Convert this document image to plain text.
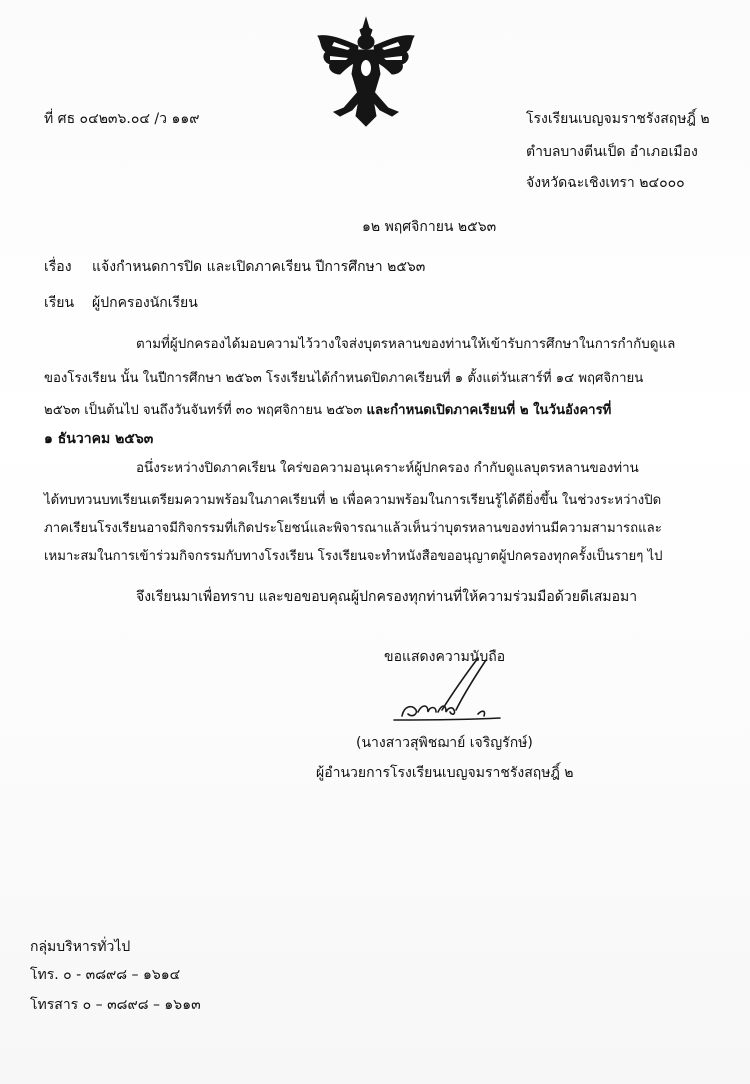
ที่ ศธ ๐๔๒๓๖.๐๔ /ว ๑๑๙	โรงเรียนเบญจมราชรังสฤษฎิ์ ๒
ตำบลบางตีนเป็ด อำเภอเมือง
จังหวัดฉะเชิงเทรา ๒๔๐๐๐
๑๒ พฤศจิกายน ๒๕๖๓
เรื่อง แจ้งกำหนดการปิด และเปิดภาคเรียน ปีการศึกษา ๒๕๖๓
เรียน ผู้ปกครองนักเรียน
ตามที่ผู้ปกครองได้มอบความไว้วางใจส่งบุตรหลานของท่านให้เข้ารับการศึกษาในการกำกับดูแล
ของโรงเรียน นั้น ในปีการศึกษา ๒๕๖๓ โรงเรียนได้กำหนดปิดภาคเรียนที่ ๑ ตั้งแต่วันเสาร์ที่ ๑๔ พฤศจิกายน
๒๕๖๓ เป็นต้นไป จนถึงวันจันทร์ที่ ๓๐ พฤศจิกายน ๒๕๖๓ และกำหนดเปิดภาคเรียนที่ ๒ ในวันอังคารที่
๑ ธันวาคม ๒๕๖๓
อนึ่งระหว่างปิดภาคเรียน ใคร่ขอความอนุเคราะห์ผู้ปกครอง กำกับดูแลบุตรหลานของท่าน
ได้ทบทวนบทเรียนเตรียมความพร้อมในภาคเรียนที่ ๒ เพื่อความพร้อมในการเรียนรู้ได้ดียิ่งขึ้น ในช่วงระหว่างปิด
ภาคเรียนโรงเรียนอาจมีกิจกรรมที่เกิดประโยชน์และพิจารณาแล้วเห็นว่าบุตรหลานของท่านมีความสามารถและ
เหมาะสมในการเข้าร่วมกิจกรรมกับทางโรงเรียน โรงเรียนจะทำหนังสือขออนุญาตผู้ปกครองทุกครั้งเป็นรายๆ ไป
จึงเรียนมาเพื่อทราบ และขอขอบคุณผู้ปกครองทุกท่านที่ให้ความร่วมมือด้วยดีเสมอมา
ขอแสดงความนับถือ
(นางสาวสุพิชฌาย์ เจริญรักษ์)
ผู้อำนวยการโรงเรียนเบญจมราชรังสฤษฎิ์ ๒
กลุ่มบริหารทั่วไป
โทร. ๐ - ๓๘๙๘ – ๑๖๑๔
โทรสาร ๐ – ๓๘๙๘ – ๑๖๑๓
